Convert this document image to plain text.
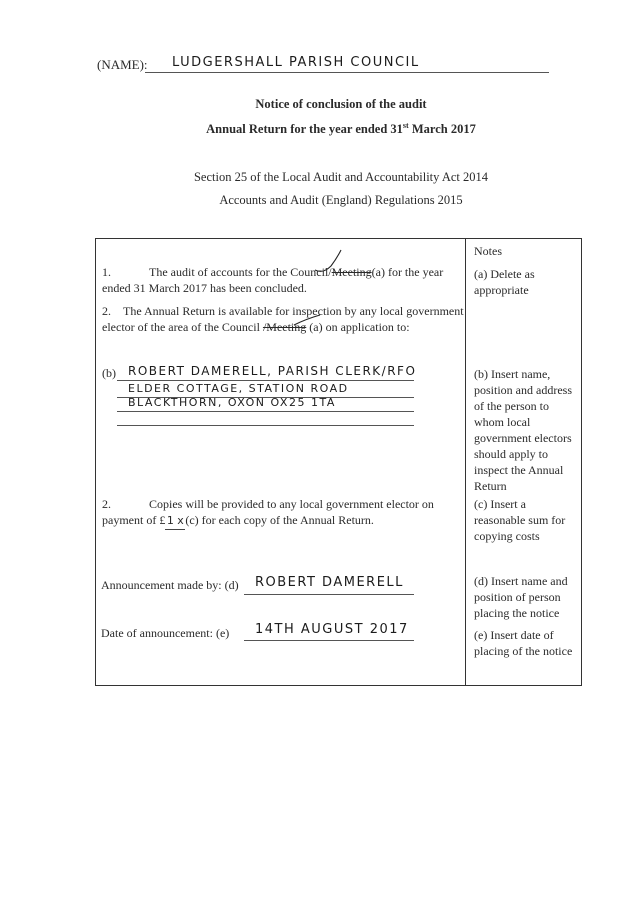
(NAME): LUDGERSHALL PARISH COUNCIL
Notice of conclusion of the audit
Annual Return for the year ended 31st March 2017
Section 25 of the Local Audit and Accountability Act 2014
Accounts and Audit (England) Regulations 2015
1.	The audit of accounts for the Council/Meeting(a) for the year ended 31 March 2017 has been concluded.
2. The Annual Return is available for inspection by any local government elector of the area of the Council /Meeting (a) on application to:
(b) ROBERT DAMERELL, PARISH CLERK/RFO
ELDER COTTAGE, STATION ROAD
BLACKTHORN, OXON OX25 1TA
2.	Copies will be provided to any local government elector on payment of £1 x (c) for each copy of the Annual Return.
Announcement made by: (d) ROBERT DAMERELL
Date of announcement: (e) 14TH AUGUST 2017
Notes
(a) Delete as appropriate
(b) Insert name, position and address of the person to whom local government electors should apply to inspect the Annual Return
(c) Insert a reasonable sum for copying costs
(d) Insert name and position of person placing the notice
(e) Insert date of placing of the notice
